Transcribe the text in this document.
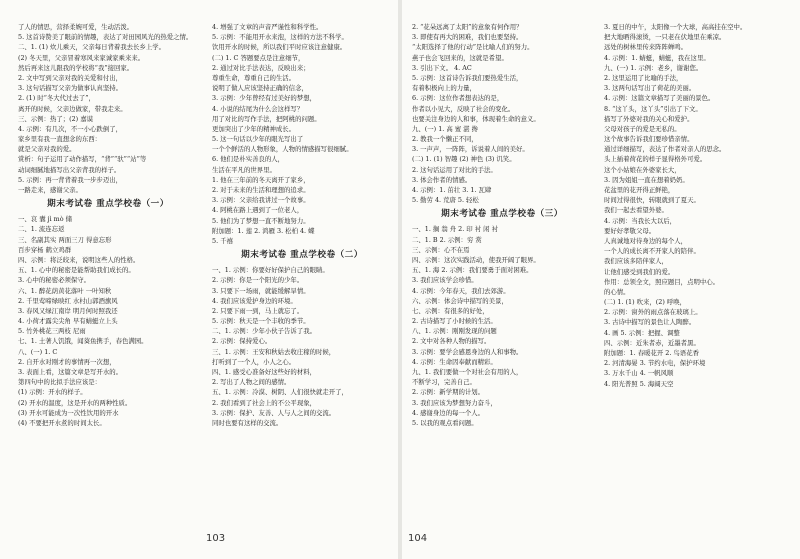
了人的情思，营择柔婉可爱，生动活泼。
5. 这首诗赞美了眼前的情趣，表达了对田园风光的热爱之情。
二、1. (1) 炊儿乘天，父亲每日背着我去长乡上学。
(2) 冬天里，父亲冒着寒风来家诚家乘来来。
然后再来这儿跟我的学校将“我”接回家。
2. 文中写到父亲对我的关爱和付出，
3. 这句话描写父亲为做事认真坚持。
2. (1) 时“冬大代过去了”，
离开的时候，父亲边做家，带我走来。
三、示例：热了；(2) 嘉谟
4. 示例：有几次，不一小心跌倒了，
家乡里有我一直想念的东西：
就是父亲对我的爱。
赏析：句子运用了动作描写，“背”“驮”“站”等
动词细腻地描写出父亲背我的样子。
5. 示例：再一背背着我一步步迈出，
一路走来，感谢父亲。
期末考试卷 重点学校卷（一）
一、哀 囊 jì mò 储
二、1. 流连忘返
三、名副其实 两面三刀 得意忘形
百步穿杨 鹤立鸡群
四、示例：将泛皎来，说明这些人的性格。
五、1. 心中的秘密是能帮助我们成长的。
3. 心中的秘密必须保守。
六、1. 醉花荫黄花落叶 一叶知秋
2. 千里莺啼绿映红 水村山郭酒旗风
3. 春风又绿江南岸 明月何时照我还
4. 小荷才露尖尖角 早有蜻蜓立上头
5. 竹外桃花三两枝 尼雨
七、1. 土著人饥饿，闻葵鱼携手，春色满园。
八、(一) 1. C
2. 自开水对刚才的事情再一次想，
3. 表面上看，这篇文章是写开水的。
第四句中的比拟手法应该是：
(1) 示例：开水的样子。
(2) 开水的温度，这是开水的两种性质。
(3) 开水可能成为一次性饮用的开水
(4) 不要把开水煮的时间太长。
4. 增强了文章的声音严谨性和科学性。
5. 示例：不能用开水来泡，这样的方法不科学。
饮用开水的时候，所以我们平时应该注意健康。
(二) 1. C 答题要点是注意细节，
2. 通过对比手法表达，反映出来；
尊重生命，尊重自己的生活。
说明了做人应该坚持正确的信念，
3. 示例：少年曾经有过美好的梦想，
4. 小说的结尾为什么会这样写？
用了对比的写作手法，把阿桃的问题。
更加突出了少年的精神成长。
5. 这一句话以少年的眼光写出了
一个个鲜活的人物形象，人物的情感描写很细腻。
6. 他们是朴实善良的人，
生活在平凡的世界里。
1. 他在三年前的冬天离开了家乡，
2. 对于未来的生活和理想的追求。
3. 示例：父亲给我讲过一个故事。
4. 阿桃在路上遇到了一位老人，
5. 他们为了梦想一直不断地努力。
附加题：1. 莲 2. 鸿雁 3. 松柏 4. 蝶
5. 千禧
期末考试卷 重点学校卷（二）
一、1. 示例：你要好好保护自己的眼睛。
2. 示例：你是一个阳光的少年。
3. 只要下一场雨，就能缓解旱情。
4. 我们应该爱护身边的环境。
2. 只要下雨一到，马上就忘了。
5. 示例：秋天是一个丰收的季节。
二、1. 示例：少年小伙子告诉了我。
2. 示例：保持爱心。
三、1. 示例：王安和秋姑去收庄稼的时候，
打听到了一个人，小人之心。
四、1. 感受心准备好这些好的材料，
2. 写出了人物之间的感情。
五、1. 示例：冷漠、树阴、人们很快就走开了，
2. 我们看到了社会上的不公平现象，
3. 示例：保护、友善、人与人之间的交流。
同时也要有这样的交流。
103
2. “花朵远离了太阳”的意象有何作用？
3. 即使有再大的困难，我们也要坚持。
“太阳选择了他的行动”是比喻人们的努力。
燕子也会飞回来的，这就是希望。
3. 引出下文。 4. AC
5. 示例：这首诗告诉我们要热爱生活，
有着积极向上的力量，
6. 示例：这位作者想表达的是，
作者以小见大，反映了社会的变化。
也要关注身边的人和事，体现着生命的意义。
九、(一) 1. 高 蜜 湛 搀
2. 教我一个懒正不同，
3. 一声声，一阵阵，诉说着人间的美好。
(二) 1. (1) 智趣 (2) 神色 (3) 讥笑。
2. 这句话运用了对比的手法。
3. 体会作者的情感。
4. 示例：1. 茁壮 3. 1. 瓦肆
5. 勤劳 4. 荒唐 5. 轻松
期末考试卷 重点学校卷（三）
一、1. 搁 翁 舟 2. 印 衬 闲 衬
二、1. B 2. 示例：穷 赏
三、示例：心不在焉
四、示例：这次实践活动，使我开阔了眼界。
五、1. 海 2. 示例：我们要勇于面对困难。
3. 我们应该学会珍惜。
4. 示例：今年春天，我们去郊游。
六、示例：体会诗中描写的美景，
七、示例：有很多的好处，
2. 古诗描写了小时候的生活。
八、1. 示例：刚刚发现的问题
2. 文中对各种人物的描写。
3. 示例：要学会感恩身边的人和事物。
4. 示例：生命因奉献而精彩。
九、1. 我们要做一个对社会有用的人，
不断学习，完善自己。
2. 示例：新学期的计划。
3. 我们应该为梦想努力奋斗，
4. 感谢身边的每一个人。
5. 以我的观点看问题。
3. 夏日的中午，太阳像一个大球，高高挂在空中。
把大地晒得滚烫，一只老在伏地里在乘凉。
远处的树林里传来阵阵蝉鸣。
4. 示例：1. 蜻蜓，蜻蜓，我在这里。
九、(一) 1. 示例：老乡，谢谢您。
2. 这里运用了比喻的手法，
3. 这两句话写出了荷花的美丽。
4. 示例：这篇文章描写了美丽的景色。
8. “这丫头，这丫头”引出了下文。
描写了外婆对我的关心和爱护。
父母对孩子的爱是无私的。
这个故事告诉我们要珍惜亲情。
通过详细描写，表达了作者对亲人的思念。
头上插着荷花的样子显得格外可爱。
这个小姑娘在外婆家长大，
3. 因为姐姐一直在想着奶奶。
花盆里的花开得正鲜艳，
时间过得很快，转眼就到了夏天。
我们一起去看望外婆。
4. 示例：当我长大以后，
要好好孝敬父母。
人真诚地对待身边的每个人，
一个人的成长离不开家人的陪伴。
我们应该多陪伴家人，
让他们感受到我们的爱。
作用：总领全文，照应题目，点明中心。
的心情。
(二) 1. (1) 吹来，(2) 呼唤，
2. 示例：窗外的雨点落在玻璃上。
3. 古诗中描写的景色让人陶醉。
4. 画 5. 示例：把握、调整
四、示例：近朱者赤，近墨者黑。
附加题：1. 春暖花开 2. 鸟语花香
2. 河清海晏 3. 节约水电，保护环境
3. 万水千山 4. 一帆风顺
4. 阳光普照 5. 海阔天空
104
